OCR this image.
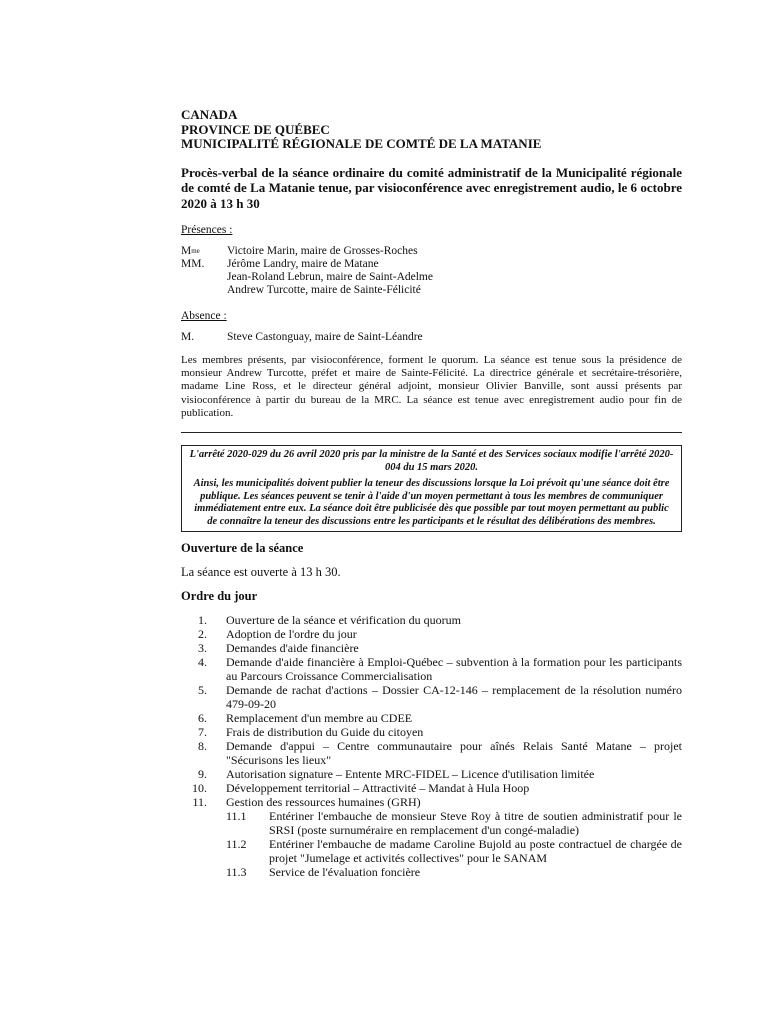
CANADA
PROVINCE DE QUÉBEC
MUNICIPALITÉ RÉGIONALE DE COMTÉ DE LA MATANIE
Procès-verbal de la séance ordinaire du comité administratif de la Municipalité régionale de comté de La Matanie tenue, par visioconférence avec enregistrement audio, le 6 octobre 2020 à 13 h 30
Présences :
$M^{me}$	Victoire Marin, maire de Grosses-Roches
MM.	Jérôme Landry, maire de Matane
Jean-Roland Lebrun, maire de Saint-Adelme
Andrew Turcotte, maire de Sainte-Félicité
Absence :
M.	Steve Castonguay, maire de Saint-Léandre
Les membres présents, par visioconférence, forment le quorum. La séance est tenue sous la présidence de monsieur Andrew Turcotte, préfet et maire de Sainte-Félicité. La directrice générale et secrétaire-trésorière, madame Line Ross, et le directeur général adjoint, monsieur Olivier Banville, sont aussi présents par visioconférence à partir du bureau de la MRC. La séance est tenue avec enregistrement audio pour fin de publication.

L'arrêté 2020-029 du 26 avril 2020 pris par la ministre de la Santé et des Services sociaux modifie l'arrêté 2020-004 du 15 mars 2020.

Ainsi, les municipalités doivent publier la teneur des discussions lorsque la Loi prévoit qu'une séance doit être publique. Les séances peuvent se tenir à l'aide d'un moyen permettant à tous les membres de communiquer immédiatement entre eux. La séance doit être publicisée dès que possible par tout moyen permettant au public de connaître la teneur des discussions entre les participants et le résultat des délibérations des membres.

Ouverture de la séance
La séance est ouverte à 13 h 30.
Ordre du jour
1. Ouverture de la séance et vérification du quorum
2. Adoption de l'ordre du jour
3. Demandes d'aide financière
4. Demande d'aide financière à Emploi-Québec – subvention à la formation pour les participants au Parcours Croissance Commercialisation
5. Demande de rachat d'actions – Dossier CA-12-146 – remplacement de la résolution numéro 479-09-20
6. Remplacement d'un membre au CDEE
7. Frais de distribution du Guide du citoyen
8. Demande d'appui – Centre communautaire pour aînés Relais Santé Matane – projet "Sécurisons les lieux"
9. Autorisation signature – Entente MRC-FIDEL – Licence d'utilisation limitée
10. Développement territorial – Attractivité – Mandat à Hula Hoop
11. Gestion des ressources humaines (GRH)
11.1	Entériner l'embauche de monsieur Steve Roy à titre de soutien administratif pour le SRSI (poste surnuméraire en remplacement d'un congé-maladie)
11.2	Entériner l'embauche de madame Caroline Bujold au poste contractuel de chargée de projet "Jumelage et activités collectives" pour le SANAM
11.3	Service de l'évaluation foncière
